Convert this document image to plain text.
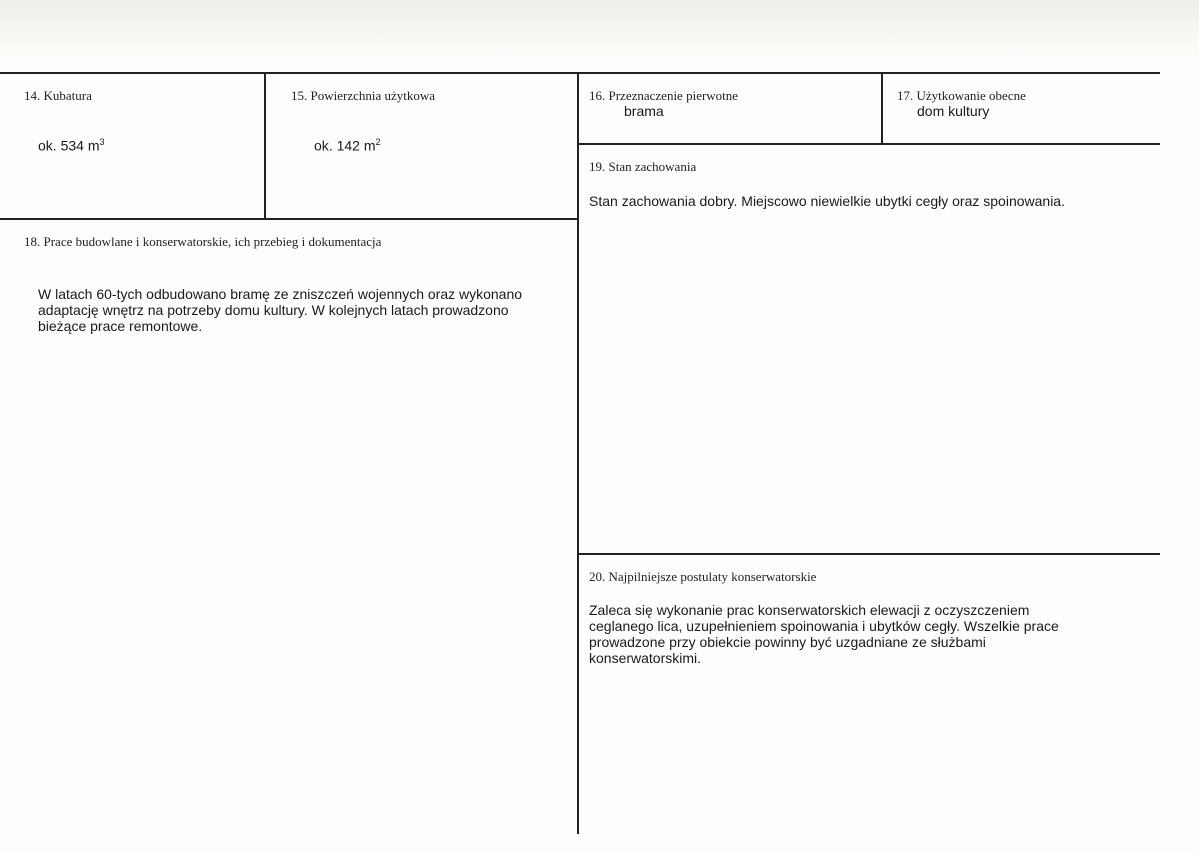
14. Kubatura
ok. 534 $m^3$
15. Powierzchnia użytkowa
ok. 142 $m^2$
16. Przeznaczenie pierwotne
brama
17. Użytkowanie obecne
dom kultury
19. Stan zachowania
Stan zachowania dobry. Miejscowo niewielkie ubytki cegły oraz spoinowania.
18. Prace budowlane i konserwatorskie, ich przebieg i dokumentacja
W latach 60-tych odbudowano bramę ze zniszczeń wojennych oraz wykonano
adaptację wnętrz na potrzeby domu kultury. W kolejnych latach prowadzono
bieżące prace remontowe.
20. Najpilniejsze postulaty konserwatorskie
Zaleca się wykonanie prac konserwatorskich elewacji z oczyszczeniem
ceglanego lica, uzupełnieniem spoinowania i ubytków cegły. Wszelkie prace
prowadzone przy obiekcie powinny być uzgadniane ze służbami
konserwatorskimi.
